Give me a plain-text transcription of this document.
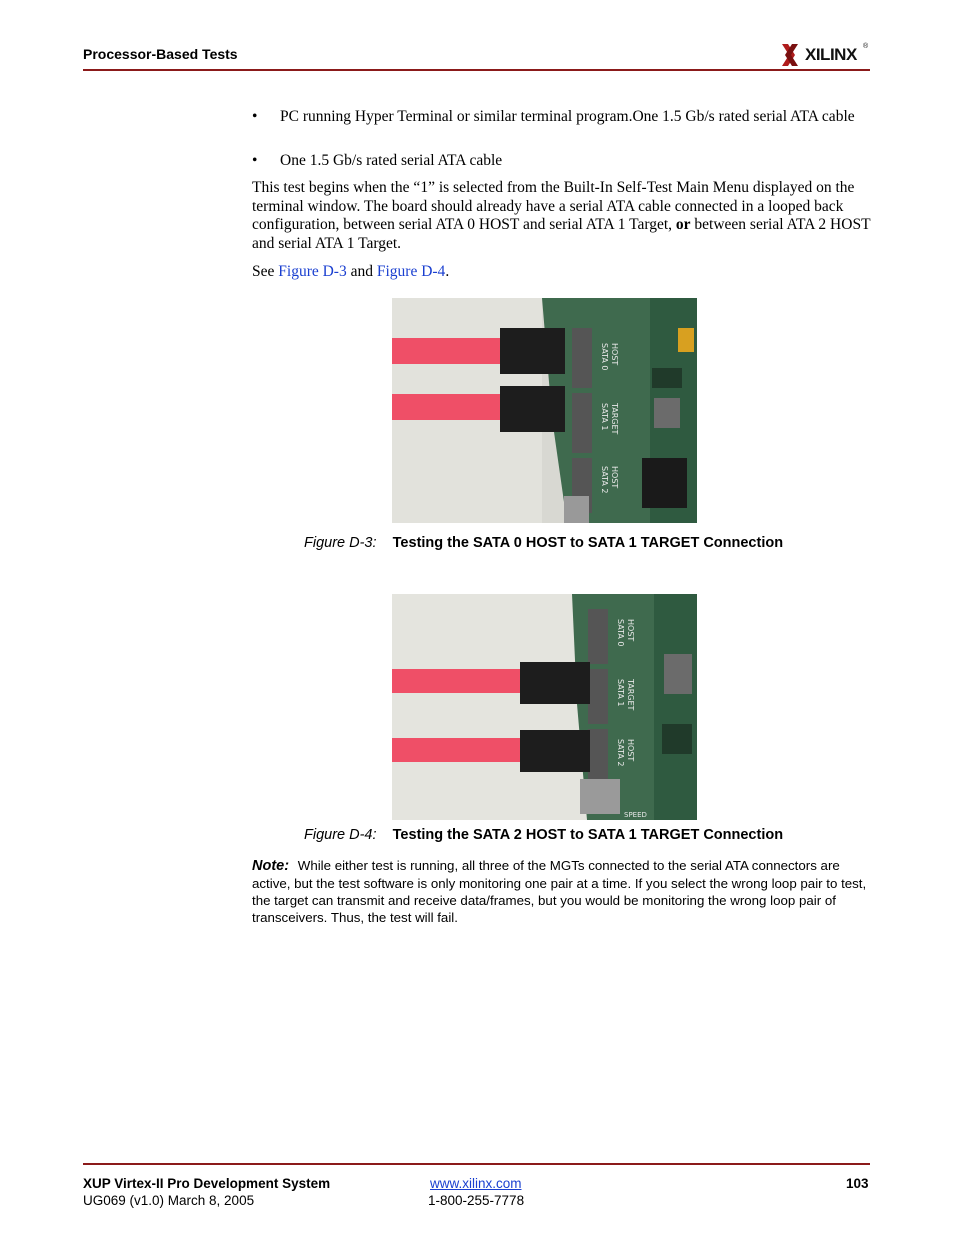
Processor-Based Tests	XILINX ®
• PC running Hyper Terminal or similar terminal program.One 1.5 Gb/s rated serial ATA cable
• One 1.5 Gb/s rated serial ATA cable
This test begins when the “1” is selected from the Built-In Self-Test Main Menu displayed on the terminal window. The board should already have a serial ATA cable connected in a looped back configuration, between serial ATA 0 HOST and serial ATA 1 Target, or between serial ATA 2 HOST and serial ATA 1 Target.
See Figure D-3 and Figure D-4.
SATA 0 HOST
SATA 1 TARGET
SATA 2 HOST
Figure D-3: Testing the SATA 0 HOST to SATA 1 TARGET Connection
SATA 0 HOST
SATA 1 TARGET
SATA 2 HOST
SPEED
Figure D-4: Testing the SATA 2 HOST to SATA 1 TARGET Connection
Note: While either test is running, all three of the MGTs connected to the serial ATA connectors are active, but the test software is only monitoring one pair at a time. If you select the wrong loop pair to test, the target can transmit and receive data/frames, but you would be monitoring the wrong loop pair of transceivers. Thus, the test will fail.
XUP Virtex-II Pro Development System
UG069 (v1.0) March 8, 2005
www.xilinx.com
1-800-255-7778
103
